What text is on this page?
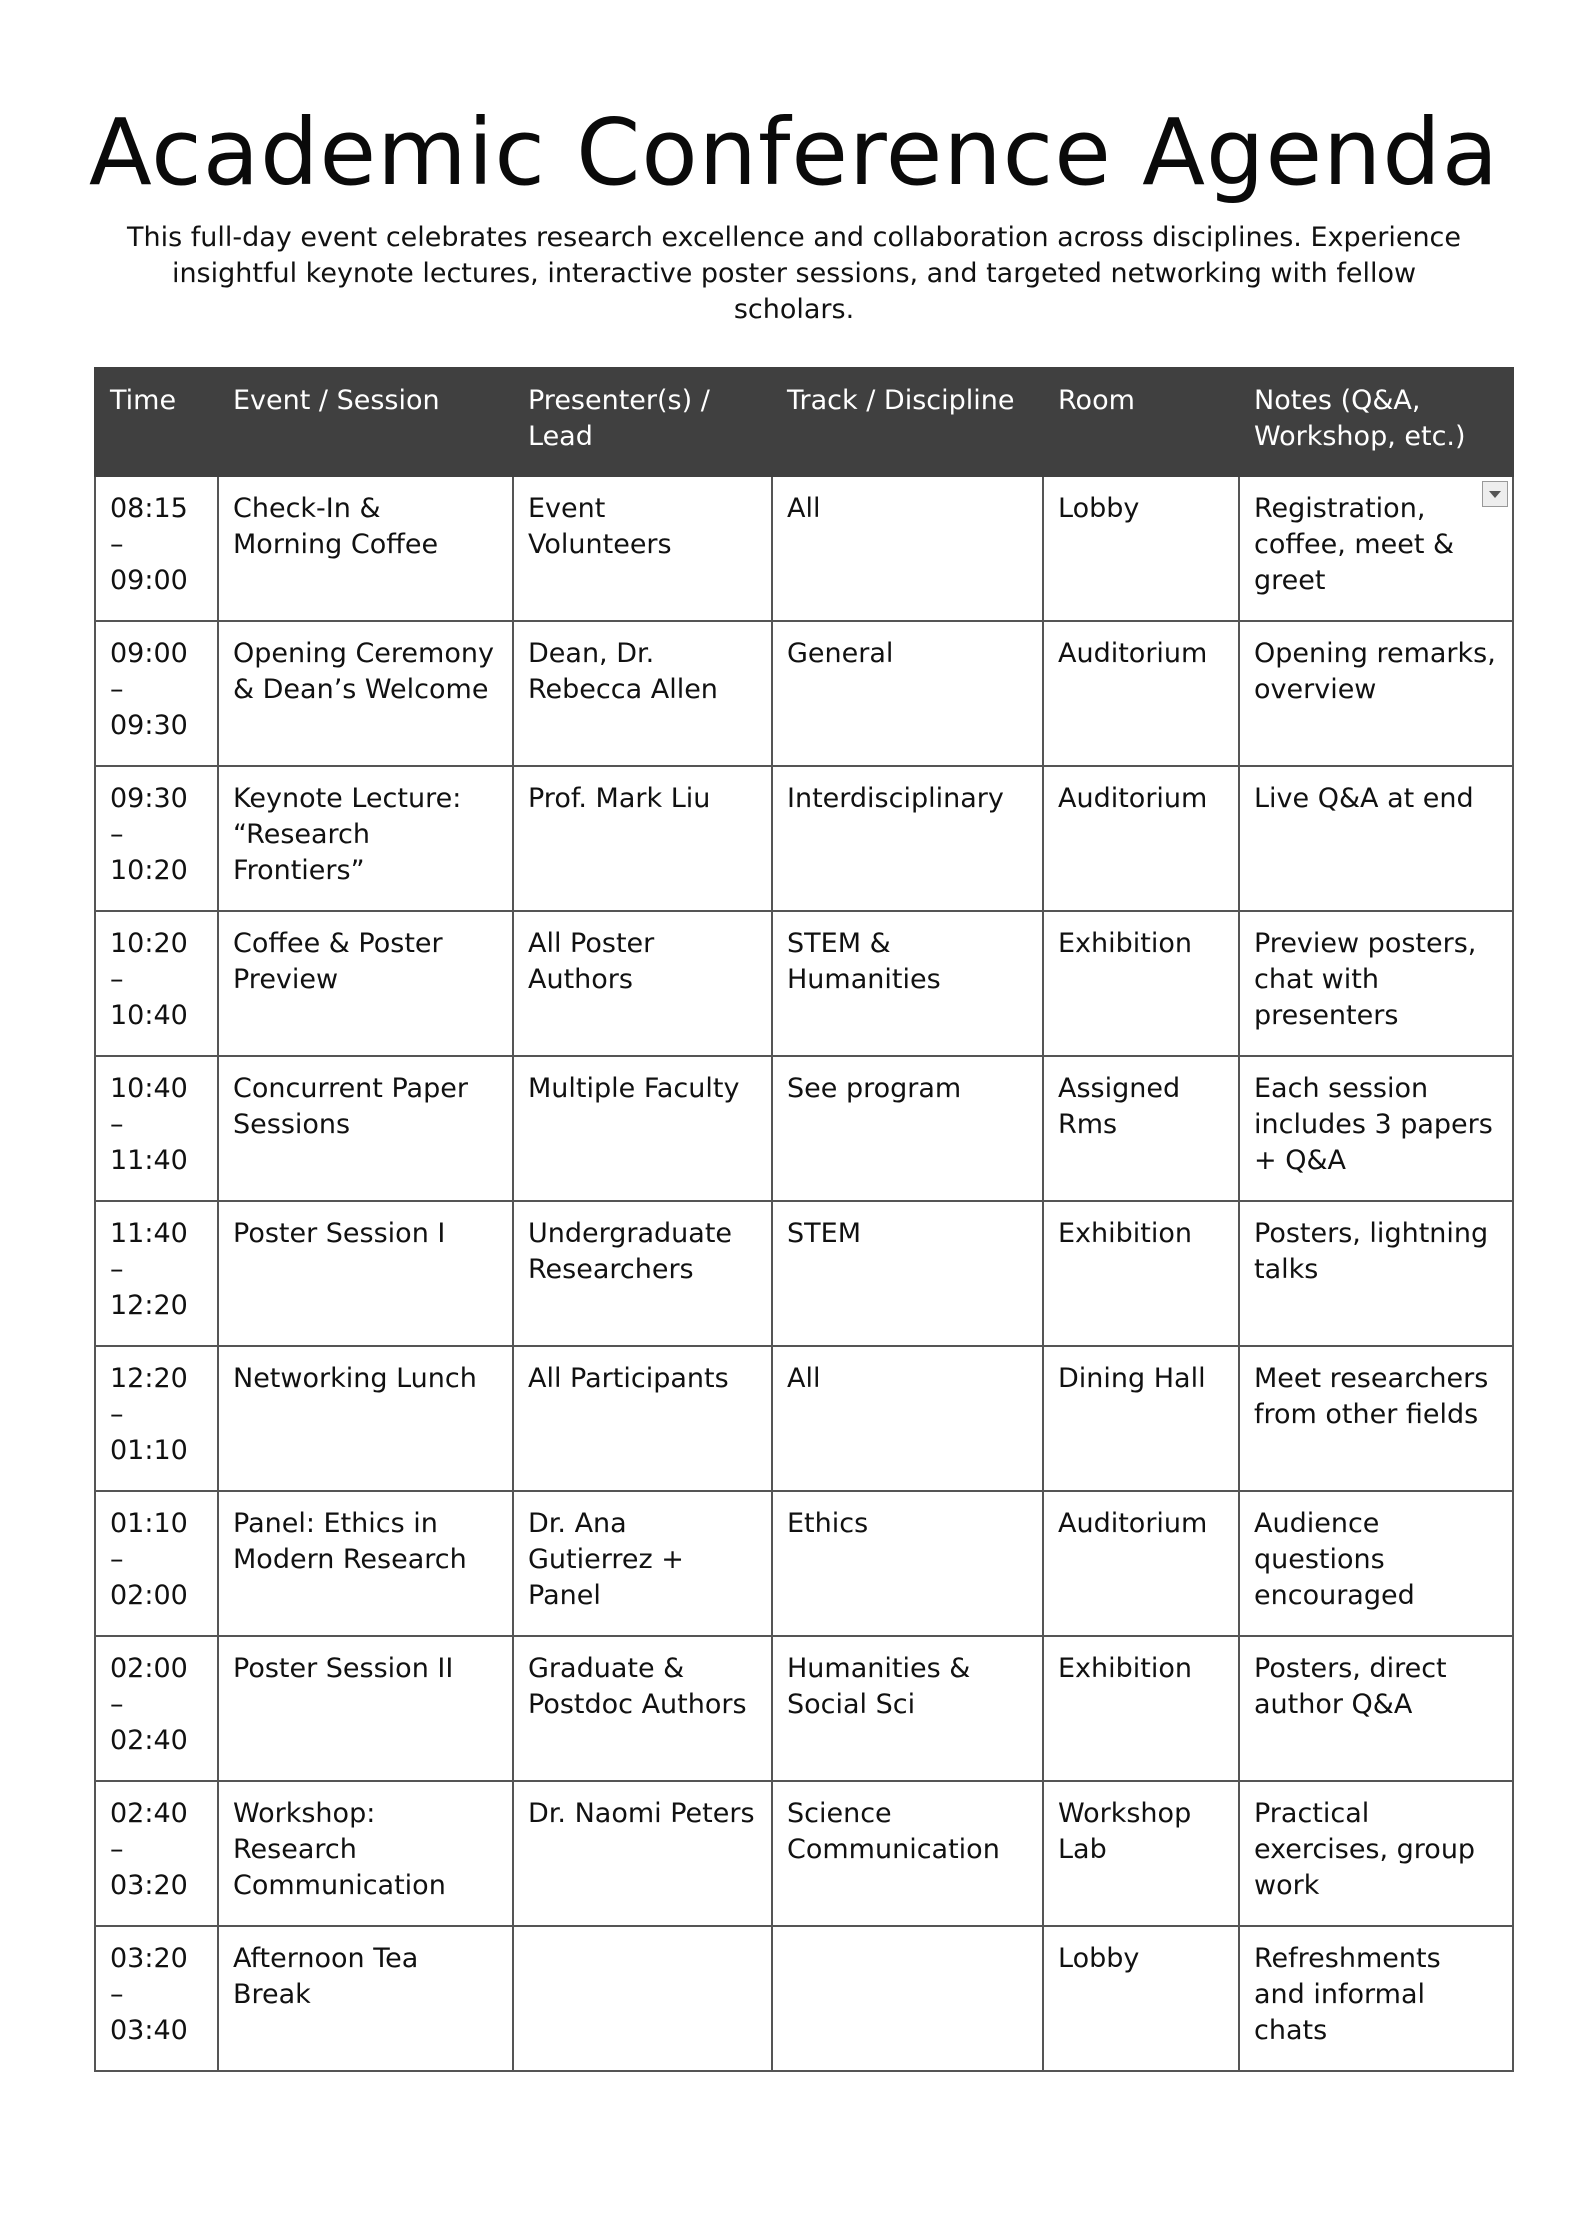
Academic Conference Agenda

This full-day event celebrates research excellence and collaboration across disciplines. Experience insightful keynote lectures, interactive poster sessions, and targeted networking with fellow scholars.

Time	Event / Session	Presenter(s) / Lead	Track / Discipline	Room	Notes (Q&A, Workshop, etc.)
08:15 – 09:00	Check-In & Morning Coffee	Event Volunteers	All	Lobby	Registration, coffee, meet & greet

09:00 – 09:30	Opening Ceremony & Dean’s Welcome	Dean, Dr. Rebecca Allen	General	Auditorium	Opening remarks, overview
09:30 – 10:20	Keynote Lecture: “Research Frontiers”	Prof. Mark Liu	Interdisciplinary	Auditorium	Live Q&A at end
10:20 – 10:40	Coffee & Poster Preview	All Poster Authors	STEM & Humanities	Exhibition	Preview posters, chat with presenters
10:40 – 11:40	Concurrent Paper Sessions	Multiple Faculty	See program	Assigned Rms	Each session includes 3 papers + Q&A
11:40 – 12:20	Poster Session I	Undergraduate Researchers	STEM	Exhibition	Posters, lightning talks
12:20 – 01:10	Networking Lunch	All Participants	All	Dining Hall	Meet researchers from other fields
01:10 – 02:00	Panel: Ethics in Modern Research	Dr. Ana Gutierrez + Panel	Ethics	Auditorium	Audience questions encouraged
02:00 – 02:40	Poster Session II	Graduate & Postdoc Authors	Humanities & Social Sci	Exhibition	Posters, direct author Q&A
02:40 – 03:20	Workshop: Research Communication	Dr. Naomi Peters	Science Communication	Workshop Lab	Practical exercises, group work
03:20 – 03:40	Afternoon Tea Break			Lobby	Refreshments and informal chats
